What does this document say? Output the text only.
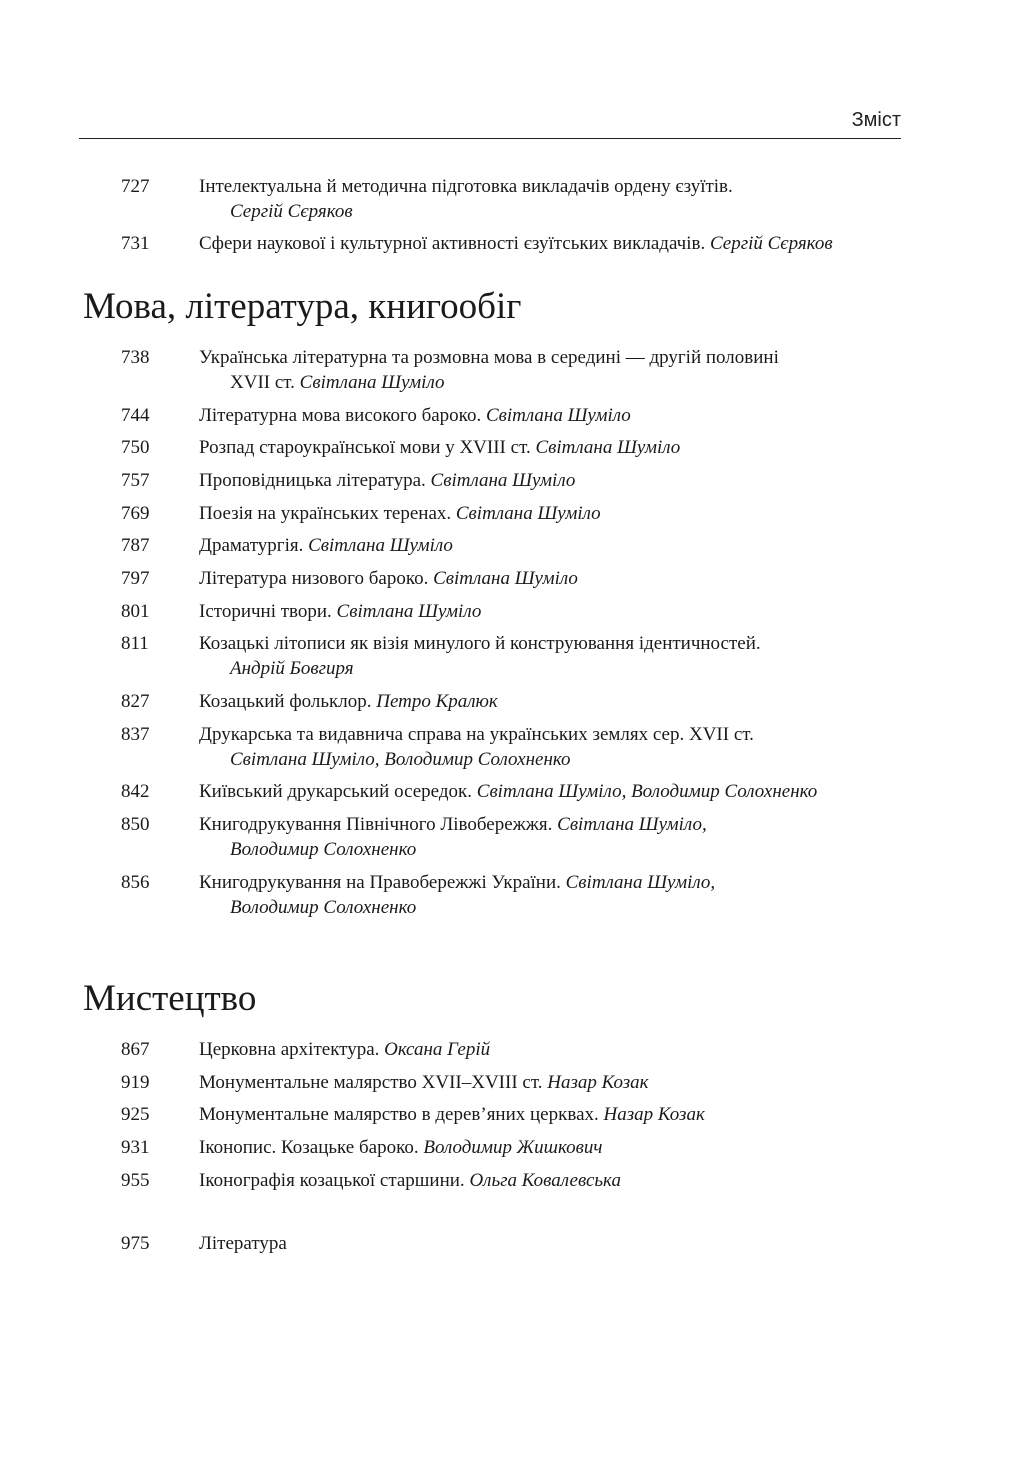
Зміст
727	Інтелектуальна й методична підготовка викладачів ордену єзуїтів.
Сергій Сєряков
731	Сфери наукової і культурної активності єзуїтських викладачів. Сергій Сєряков
Мова, література, книгообіг
738	Українська літературна та розмовна мова в середині — другій половині
XVII ст. Світлана Шуміло
744	Літературна мова високого бароко. Світлана Шуміло
750	Розпад староукраїнської мови у XVIII ст. Світлана Шуміло
757	Проповідницька література. Світлана Шуміло
769	Поезія на українських теренах. Світлана Шуміло
787	Драматургія. Світлана Шуміло
797	Література низового бароко. Світлана Шуміло
801	Історичні твори. Світлана Шуміло
811	Козацькі літописи як візія минулого й конструювання ідентичностей.
Андрій Бовгиря
827	Козацький фольклор. Петро Кралюк
837	Друкарська та видавнича справа на українських землях сер. XVII ст.
Світлана Шуміло, Володимир Солохненко
842	Київський друкарський осередок. Світлана Шуміло, Володимир Солохненко
850	Книгодрукування Північного Лівобережжя. Світлана Шуміло,
Володимир Солохненко
856	Книгодрукування на Правобережжі України. Світлана Шуміло,
Володимир Солохненко
Мистецтво
867	Церковна архітектура. Оксана Герій
919	Монументальне малярство XVII–XVIII ст. Назар Козак
925	Монументальне малярство в дерев’яних церквах. Назар Козак
931	Іконопис. Козацьке бароко. Володимир Жишкович
955	Іконографія козацької старшини. Ольга Ковалевська
975	Література
